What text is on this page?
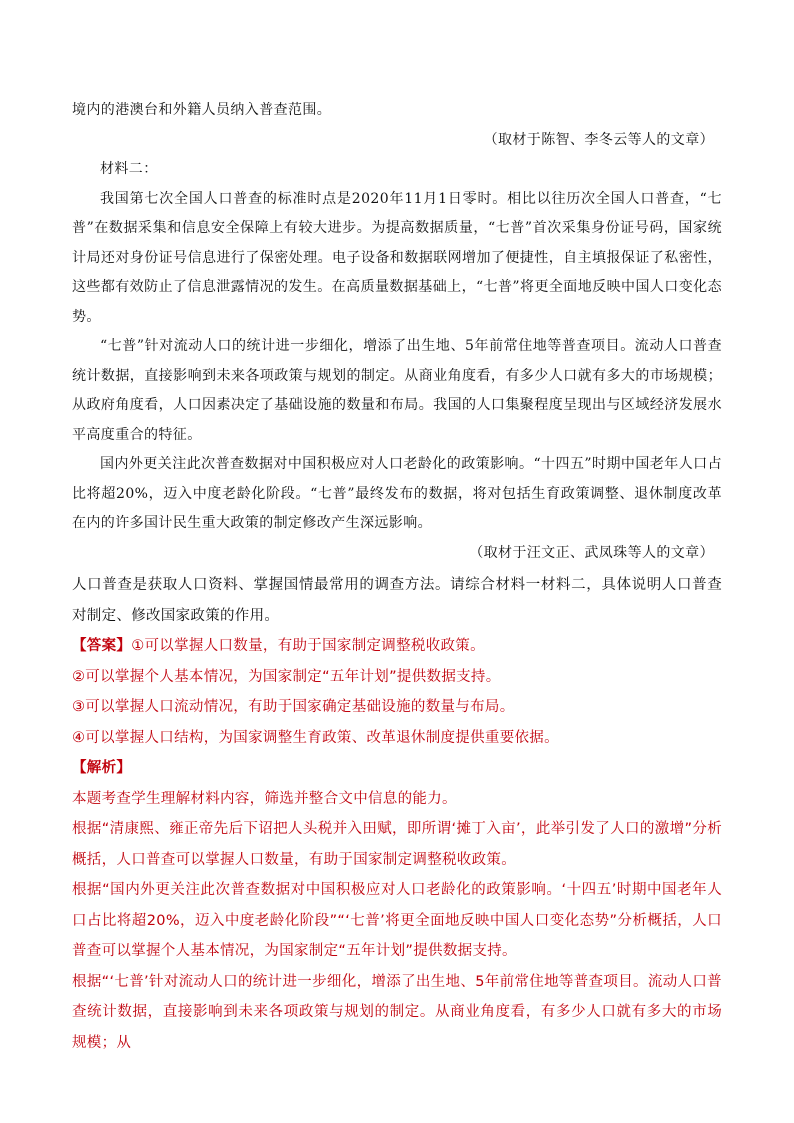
境内的港澳台和外籍人员纳入普查范围。

（取材于陈智、李冬云等人的文章）

材料二：

我国第七次全国人口普查的标准时点是2020年11月1日零时。相比以往历次全国人口普查，“七普”在数据采集和信息安全保障上有较大进步。为提高数据质量，“七普”首次采集身份证号码，国家统计局还对身份证号信息进行了保密处理。电子设备和数据联网增加了便捷性，自主填报保证了私密性，这些都有效防止了信息泄露情况的发生。在高质量数据基础上，“七普”将更全面地反映中国人口变化态势。

“七普”针对流动人口的统计进一步细化，增添了出生地、5年前常住地等普查项目。流动人口普查统计数据，直接影响到未来各项政策与规划的制定。从商业角度看，有多少人口就有多大的市场规模；从政府角度看，人口因素决定了基础设施的数量和布局。我国的人口集聚程度呈现出与区域经济发展水平高度重合的特征。

国内外更关注此次普查数据对中国积极应对人口老龄化的政策影响。“十四五”时期中国老年人口占比将超20%，迈入中度老龄化阶段。“七普”最终发布的数据，将对包括生育政策调整、退休制度改革在内的许多国计民生重大政策的制定修改产生深远影响。

（取材于汪文正、武凤珠等人的文章）

人口普查是获取人口资料、掌握国情最常用的调查方法。请综合材料一材料二，具体说明人口普查对制定、修改国家政策的作用。

【答案】①可以掌握人口数量，有助于国家制定调整税收政策。

②可以掌握个人基本情况，为国家制定“五年计划”提供数据支持。

③可以掌握人口流动情况，有助于国家确定基础设施的数量与布局。

④可以掌握人口结构，为国家调整生育政策、改革退休制度提供重要依据。

【解析】

本题考查学生理解材料内容，筛选并整合文中信息的能力。

根据“清康熙、雍正帝先后下诏把人头税并入田赋，即所谓‘摊丁入亩’，此举引发了人口的激增”分析概括，人口普查可以掌握人口数量，有助于国家制定调整税收政策。

根据“国内外更关注此次普查数据对中国积极应对人口老龄化的政策影响。‘十四五’时期中国老年人口占比将超20%，迈入中度老龄化阶段”“‘七普’将更全面地反映中国人口变化态势”分析概括，人口普查可以掌握个人基本情况，为国家制定“五年计划”提供数据支持。

根据“‘七普’针对流动人口的统计进一步细化，增添了出生地、5年前常住地等普查项目。流动人口普查统计数据，直接影响到未来各项政策与规划的制定。从商业角度看，有多少人口就有多大的市场规模；从
